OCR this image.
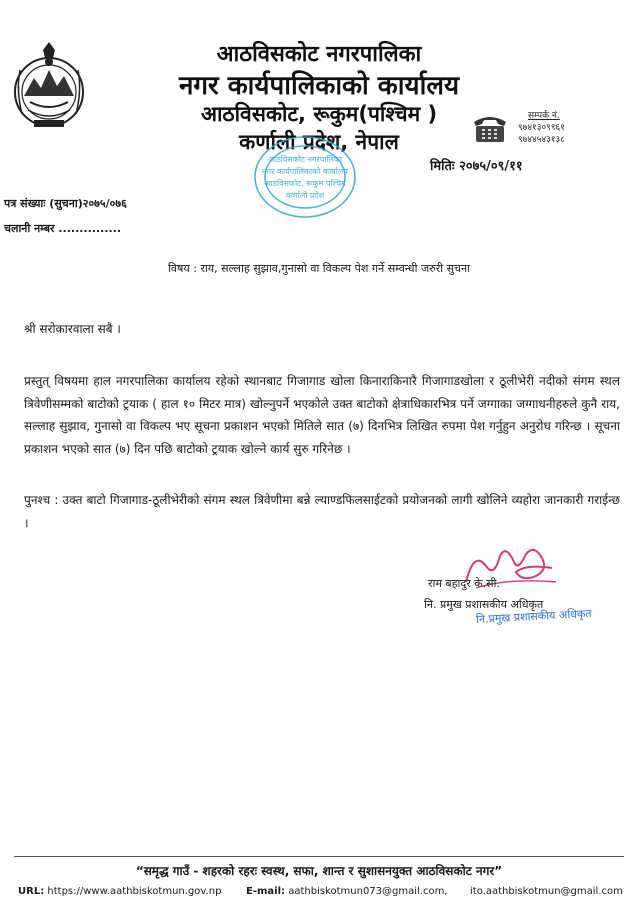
आठविसकोट नगरपालिका
नगर कार्यपालिकाको कार्यालय
आठविसकोट, रूकुम(पश्चिम )
कर्णाली प्रदेश, नेपाल
सम्पर्क नं.
९७४१३०९९६१
९७४४५४३१३८
मितिः २०७५/०९/११
आठविसकोट नगरपालिका
नगर कार्यपालिकाको कार्यालय
आठविसकोट, रूकुम पश्चिम
कर्णाली प्रदेश
पत्र संख्याः (सुचना)२०७५/०७६
चलानी नम्बर ...............
विषय : राय, सल्लाह सुझाव,गुनासो वा विकल्प पेश गर्ने सम्वन्धी जरुरी सुचना
श्री सरोकारवाला सबै ।
प्रस्तुत् विषयमा हाल नगरपालिका कार्यालय रहेको स्थानबाट गिजागाड खोला किनाराकिनारै गिजागाडखोला र ठूलीभेरी नदीको संगम स्थल त्रिवेणीसम्मको बाटोको ट्रयाक ( हाल १० मिटर मात्र) खोल्नुपर्ने भएकोले उक्त बाटोको क्षेत्राधिकारभित्र पर्ने जग्गाका जग्गाधनीहरुले कुनै राय, सल्लाह सुझाव, गुनासो वा विकल्प भए सूचना प्रकाशन भएको मितिले सात (७) दिनभित्र लिखित रुपमा पेश गर्नुहुन अनुरोध गरिन्छ । सूचना प्रकाशन भएको सात (७) दिन पछि बाटोको ट्रयाक खोल्ने कार्य सुरु गरिनेछ ।
पुनश्च : उक्त बाटो गिजागाड-ठूलीभेरीको संगम स्थल त्रिवेणीमा बन्ने ल्याण्डफिलसाईटको प्रयोजनको लागी खोलिने व्यहोरा जानकारी गराईन्छ ।
राम बहादुर के.सी.
नि. प्रमुख प्रशासकीय अधिकृत
नि.प्रमुख प्रशासकीय अधिकृत
“समृद्ध गाउँ - शहरको रहरः स्वस्थ, सफा, शान्त र सुशासनयुक्त आठविसकोट नगर”
URL: https://www.aathbiskotmun.gov.np E-mail: aathbiskotmun073@gmail.com, ito.aathbiskotmun@gmail.com
